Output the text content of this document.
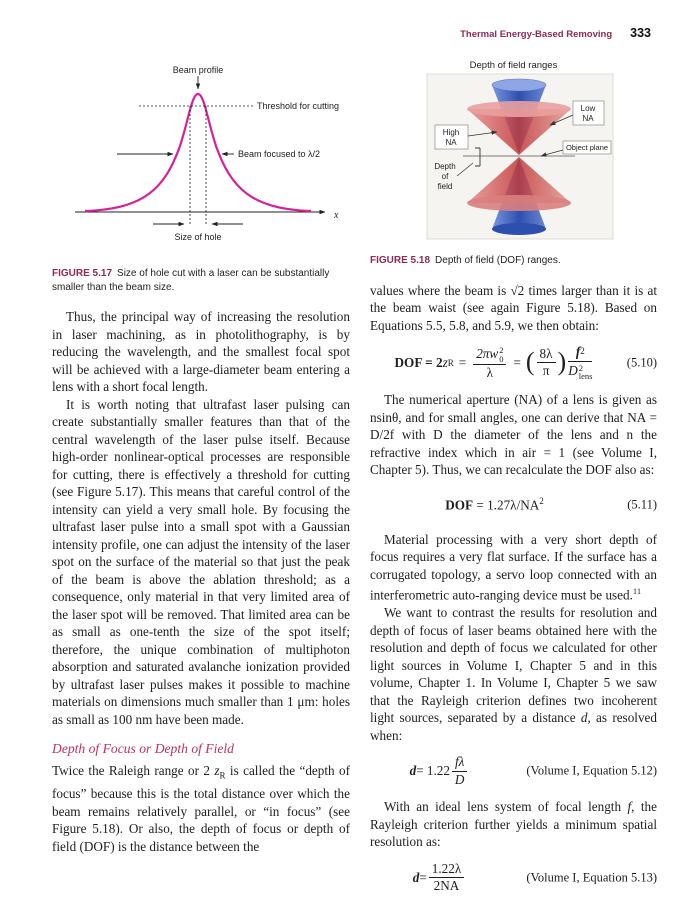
Thermal Energy-Based Removing 333
x
Beam profile
Threshold for cutting
Beam focused to λ/2
Size of hole
FIGURE 5.17 Size of hole cut with a laser can be substantially smaller than the beam size.

Thus, the principal way of increasing the resolution in laser machining, as in photolithography, is by reducing the wavelength, and the smallest focal spot will be achieved with a large-diameter beam entering a lens with a short focal length.

It is worth noting that ultrafast laser pulsing can create substantially smaller features than that of the central wavelength of the laser pulse itself. Because high-order nonlinear-optical processes are responsible for cutting, there is effectively a threshold for cutting (see Figure 5.17). This means that careful control of the intensity can yield a very small hole. By focusing the ultrafast laser pulse into a small spot with a Gaussian intensity profile, one can adjust the intensity of the laser spot on the surface of the material so that just the peak of the beam is above the ablation threshold; as a consequence, only material in that very limited area of the laser spot will be removed. That limited area can be as small as one-tenth the size of the spot itself; therefore, the unique combination of multiphoton absorption and saturated avalanche ionization provided by ultrafast laser pulses makes it possible to machine materials on dimensions much smaller than 1 μm: holes as small as 100 nm have been made.

Depth of Focus or Depth of Field

Twice the Raleigh range or 2 $z_R$ is called the “depth of focus” because this is the total distance over which the beam remains relatively parallel, or “in focus” (see Figure 5.18). Or also, the depth of focus or depth of field (DOF) is the distance between the

Depth of field ranges
High
NA
Low
NA
Object plane
Depth
of
field
FIGURE 5.18 Depth of field (DOF) ranges.

values where the beam is √2 times larger than it is at the beam waist (see again Figure 5.18). Based on Equations 5.5, 5.8, and 5.9, we then obtain:

DOF = 2 z R = 2πw 2
0
λ = ( $\frac{8\lambda}{\pi}$ ) f 2
D 2
lens	(5.10)

The numerical aperture (NA) of a lens is given as nsinθ, and for small angles, one can derive that NA = D/2f with D the diameter of the lens and n the refractive index which in air = 1 (see Volume I, Chapter 5). Thus, we can recalculate the DOF also as:

DOF = $1.27\lambda/NA^2$	(5.11)

Material processing with a very short depth of focus requires a very flat surface. If the surface has a corrugated topology, a servo loop connected with an interferometric auto-ranging device must be used.$^{11}$

We want to contrast the results for resolution and depth of focus of laser beams obtained here with the resolution and depth of focus we calculated for other light sources in Volume I, Chapter 5 and in this volume, Chapter 1. In Volume I, Chapter 5 we saw that the Rayleigh criterion defines two incoherent light sources, separated by a distance d, as resolved when:

$d = 1.22 \frac{f\lambda}{D}$	(Volume I, Equation 5.12)

With an ideal lens system of focal length f, the Rayleigh criterion further yields a minimum spatial resolution as:

$d = \frac{1.22\lambda}{2NA}$	(Volume I, Equation 5.13)
